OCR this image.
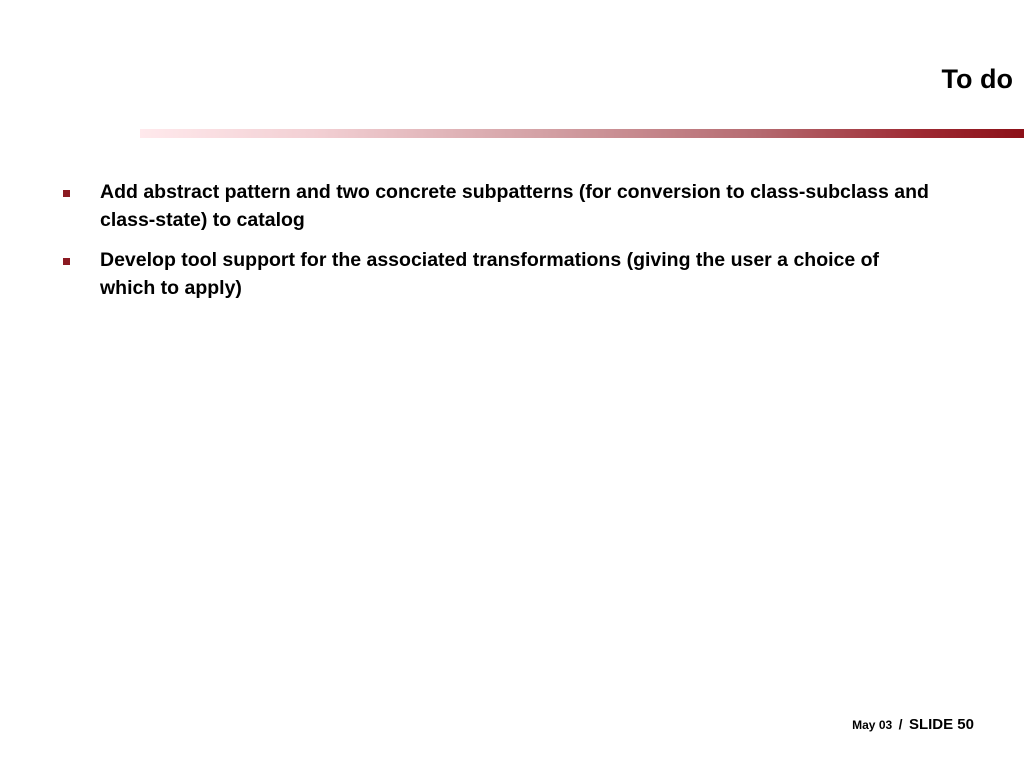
To do
Add abstract pattern and two concrete subpatterns (for conversion to class-subclass and class-state) to catalog
Develop tool support for the associated transformations (giving the user a choice of which to apply)
May 03 / SLIDE 50
